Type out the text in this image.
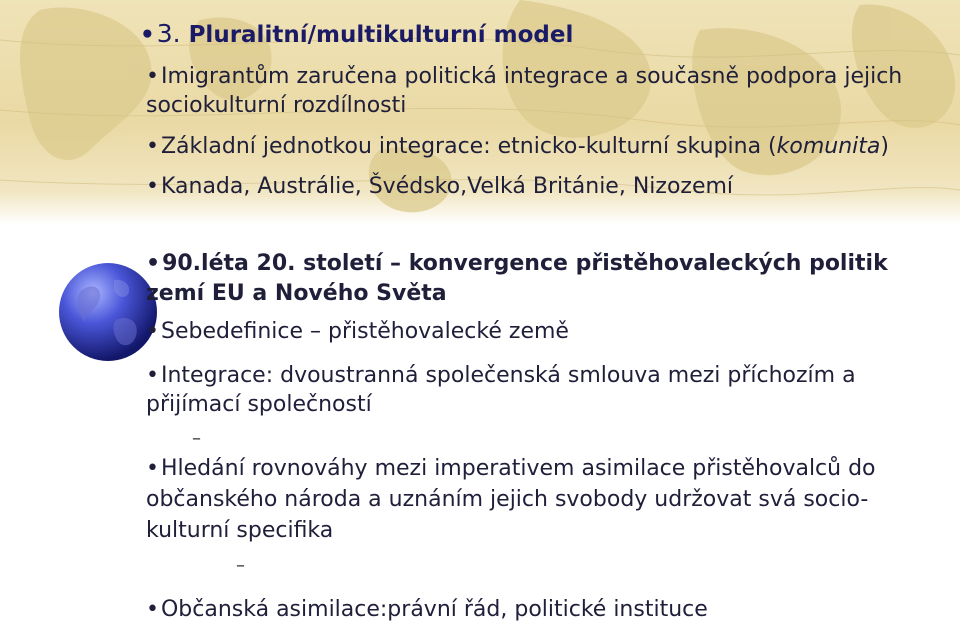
•3. Pluralitní/multikulturní model

•Imigrantům zaručena politická integrace a současně podpora jejich

sociokulturní rozdílnosti

•Základní jednotkou integrace: etnicko-kulturní skupina (komunita)

•Kanada, Austrálie, Švédsko,Velká Británie, Nizozemí

•90.léta 20. století – konvergence přistěhovaleckých politik

zemí EU a Nového Světa

•Sebedefinice – přistěhovalecké země

•Integrace: dvoustranná společenská smlouva mezi příchozím a

přijímací společností

–

•Hledání rovnováhy mezi imperativem asimilace přistěhovalců do

občanského národa a uznáním jejich svobody udržovat svá socio-

kulturní specifika

–

•Občanská asimilace:právní řád, politické instituce
